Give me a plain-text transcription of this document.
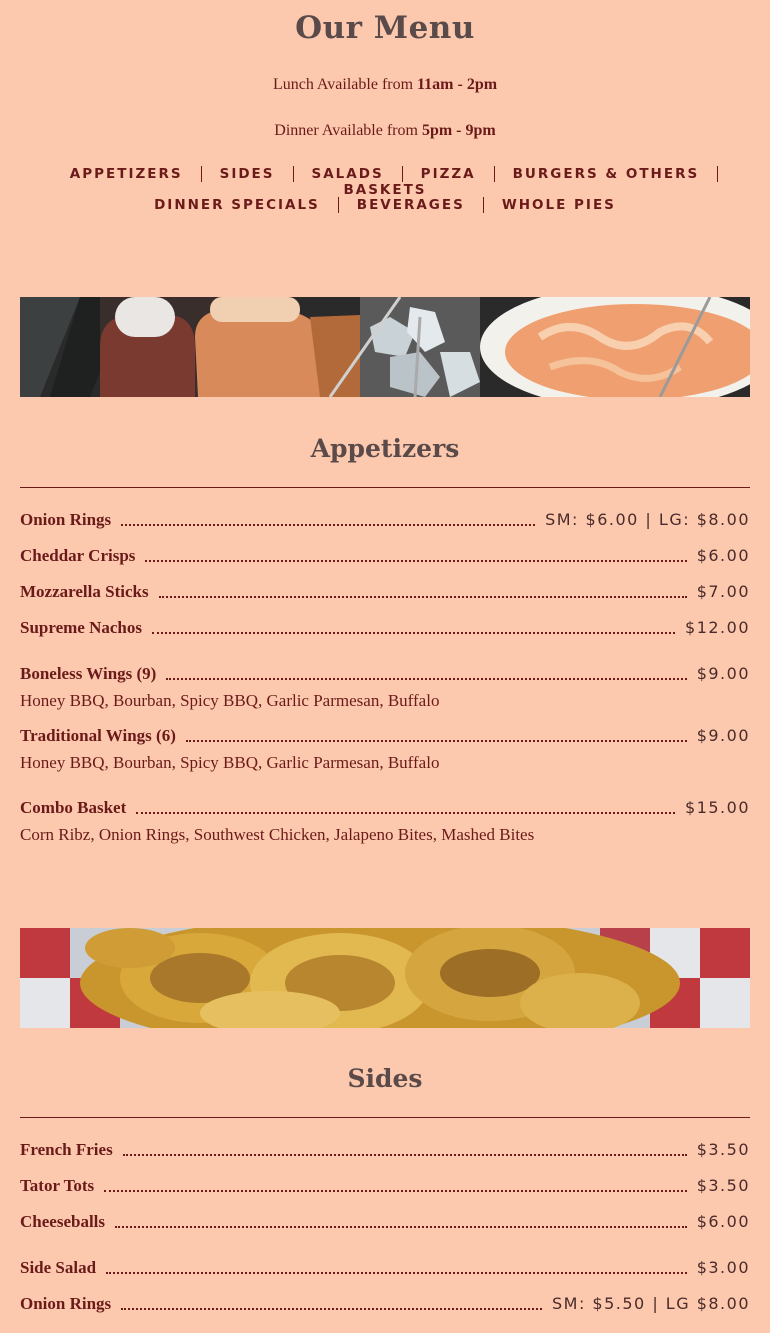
Our Menu
Lunch Available from 11am - 2pm
Dinner Available from 5pm - 9pm
APPETIZERS	SIDES	SALADS	PIZZA	BURGERS & OTHERSBASKETS
DINNER SPECIALS	BEVERAGES	WHOLE PIES
Appetizers
Onion Rings	SM: $6.00 | LG: $8.00
Cheddar Crisps	$6.00
Mozzarella Sticks	$7.00
Supreme Nachos	$12.00
Boneless Wings (9)	$9.00
Honey BBQ, Bourban, Spicy BBQ, Garlic Parmesan, Buffalo
Traditional Wings (6)	$9.00
Honey BBQ, Bourban, Spicy BBQ, Garlic Parmesan, Buffalo
Combo Basket	$15.00
Corn Ribz, Onion Rings, Southwest Chicken, Jalapeno Bites, Mashed Bites
Sides
French Fries	$3.50
Tator Tots	$3.50
Cheeseballs	$6.00
Side Salad	$3.00
Onion Rings	SM: $5.50 | LG $8.00
